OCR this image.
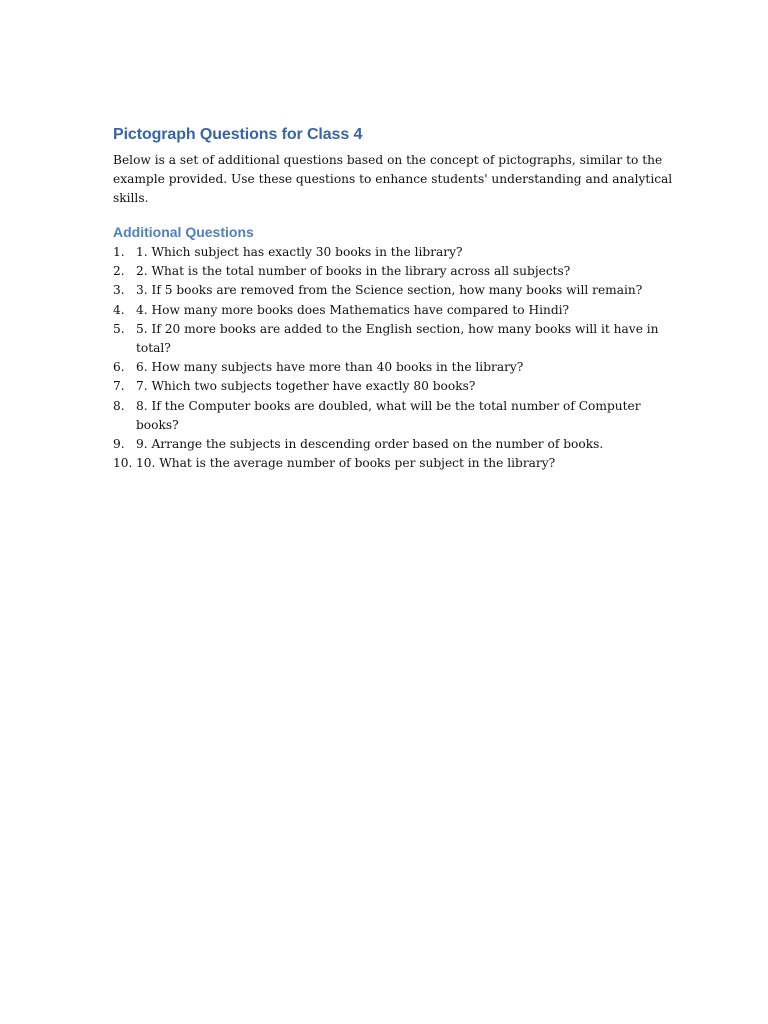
Pictograph Questions for Class 4

Below is a set of additional questions based on the concept of pictographs, similar to the example provided. Use these questions to enhance students' understanding and analytical skills.

Additional Questions
1. 1. Which subject has exactly 30 books in the library?
2. 2. What is the total number of books in the library across all subjects?
3. 3. If 5 books are removed from the Science section, how many books will remain?
4. 4. How many more books does Mathematics have compared to Hindi?
5. 5. If 20 more books are added to the English section, how many books will it have in total?
6. 6. How many subjects have more than 40 books in the library?
7. 7. Which two subjects together have exactly 80 books?
8. 8. If the Computer books are doubled, what will be the total number of Computer books?
9. 9. Arrange the subjects in descending order based on the number of books.
10. 10. What is the average number of books per subject in the library?
